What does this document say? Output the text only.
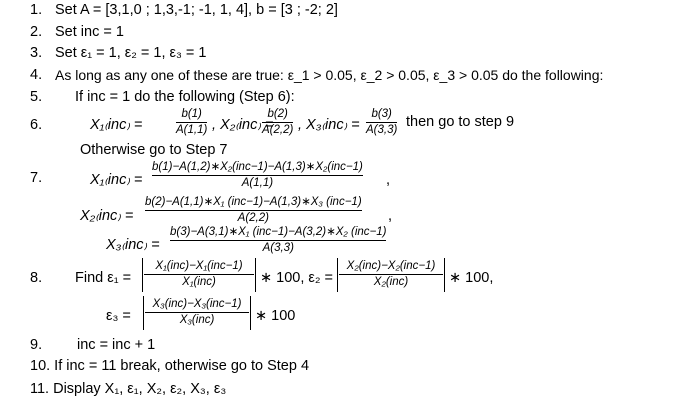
1. Set A = [3,1,0 ; 1,3,-1; -1, 1, 4], b = [3 ; -2; 2]
2. Set inc = 1
3. Set ε₁ = 1, ε₂ = 1, ε₃ = 1
4. As long as any one of these are true: ε_1 > 0.05, ε_2 > 0.05, ε_3 > 0.05 do the following:
5. If inc = 1 do the following (Step 6):
6.	X₁₍inc₎ =
b(1)
A(1,1) , X₂₍inc₎ =
b(2)
A(2,2) , X₃₍inc₎ =
b(3)
A(3,3) then go to step 9
Otherwise go to Step 7
7.	X₁₍inc₎ =
b(1)−A(1,2)∗X₂(inc−1)−A(1,3)∗X₂(inc−1)
A(1,1)	,
X₂₍inc₎ =
b(2)−A(1,1)∗X₁ (inc−1)−A(1,3)∗X₃ (inc−1)
A(2,2)	,
X₃₍inc₎ =
b(3)−A(3,1)∗X₁ (inc−1)−A(3,2)∗X₂ (inc−1)
A(3,3)
8. Find ε₁ =
X₁(inc)−X₁(inc−1)
X₁(inc)	∗ 100, ε₂ =
X₂(inc)−X₂(inc−1)
X₂(inc)	∗ 100,
ε₃ =
X₃(inc)−X₃(inc−1)
X₃(inc)	∗ 100
9. inc = inc + 1
10. If inc = 11 break, otherwise go to Step 4
11. Display X₁, ε₁, X₂, ε₂, X₃, ε₃
